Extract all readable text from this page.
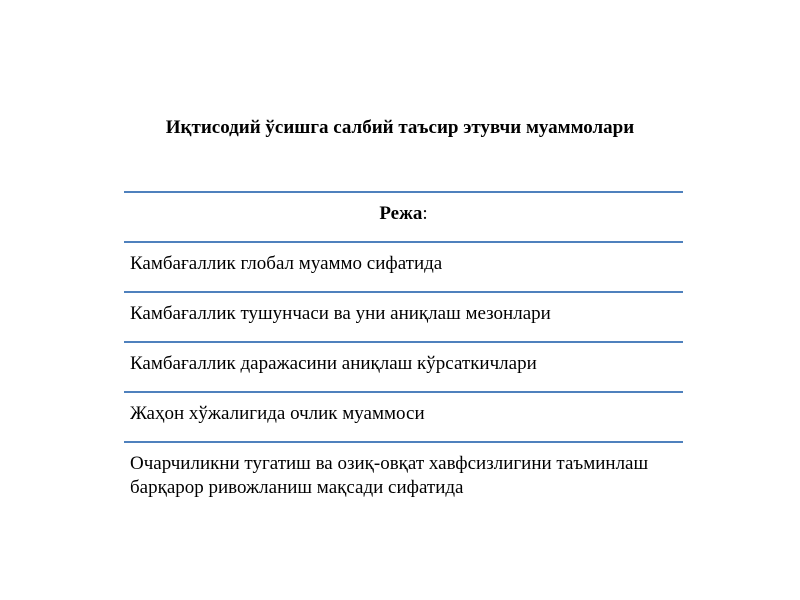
Иқтисодий ўсишга салбий таъсир этувчи муаммолари
Режа:
Камбағаллик глобал муаммо сифатида
Камбағаллик тушунчаси ва уни аниқлаш мезонлари
Камбағаллик даражасини аниқлаш кўрсаткичлари
Жаҳон хўжалигида очлик муаммоси
Очарчиликни тугатиш ва озиқ-овқат хавфсизлигини таъминлаш барқарор ривожланиш мақсади сифатида
